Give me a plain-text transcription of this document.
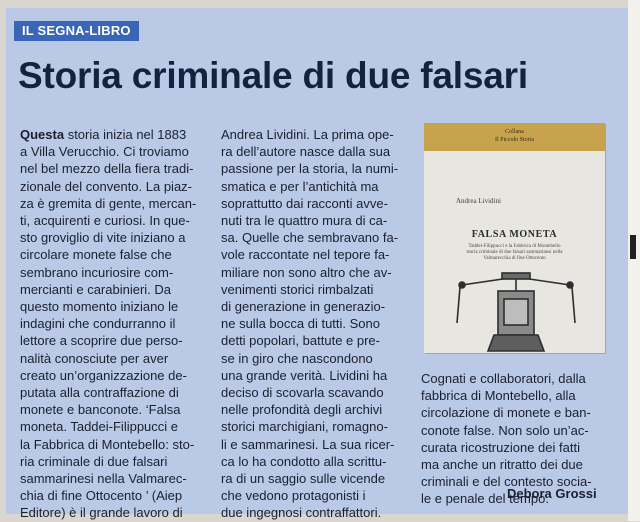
IL SEGNA-LIBRO
Storia criminale di due falsari
Questa storia inizia nel 1883
a Villa Verucchio. Ci troviamo
nel bel mezzo della fiera tradi-
zionale del convento. La piaz-
za è gremita di gente, mercan-
ti, acquirenti e curiosi. In que-
sto groviglio di vite iniziano a
circolare monete false che
sembrano incuriosire com-
mercianti e carabinieri. Da
questo momento iniziano le
indagini che condurranno il
lettore a scoprire due perso-
nalità conosciute per aver
creato un’organizzazione de-
putata alla contraffazione di
monete e banconote. ‘Falsa
moneta. Taddei-Filippucci e
la Fabbrica di Montebello: sto-
ria criminale di due falsari
sammarinesi nella Valmarec-
chia di fine Ottocento ’ (Aiep
Editore) è il grande lavoro di
Andrea Lividini. La prima ope-
ra dell’autore nasce dalla sua
passione per la storia, la numi-
smatica e per l’antichità ma
soprattutto dai racconti avve-
nuti tra le quattro mura di ca-
sa. Quelle che sembravano fa-
vole raccontate nel tepore fa-
miliare non sono altro che av-
venimenti storici rimbalzati
di generazione in generazio-
ne sulla bocca di tutti. Sono
detti popolari, battute e pre-
se in giro che nascondono
una grande verità. Lividini ha
deciso di scovarla scavando
nelle profondità degli archivi
storici marchigiani, romagno-
li e sammarinesi. La sua ricer-
ca lo ha condotto alla scrittu-
ra di un saggio sulle vicende
che vedono protagonisti i
due ingegnosi contraffattori.
Collana
Il Piccolo Storia
Andrea Lividini
FALSA MONETA
Taddei-Filippucci e la Fabbrica di Montebello
storia criminale di due falsari sammarinesi nella
Valmarecchia di fine Ottocento
Cognati e collaboratori, dalla
fabbrica di Montebello, alla
circolazione di monete e ban-
conote false. Non solo un’ac-
curata ricostruzione dei fatti
ma anche un ritratto dei due
criminali e del contesto socia-
le e penale del tempo.
Debora Grossi
